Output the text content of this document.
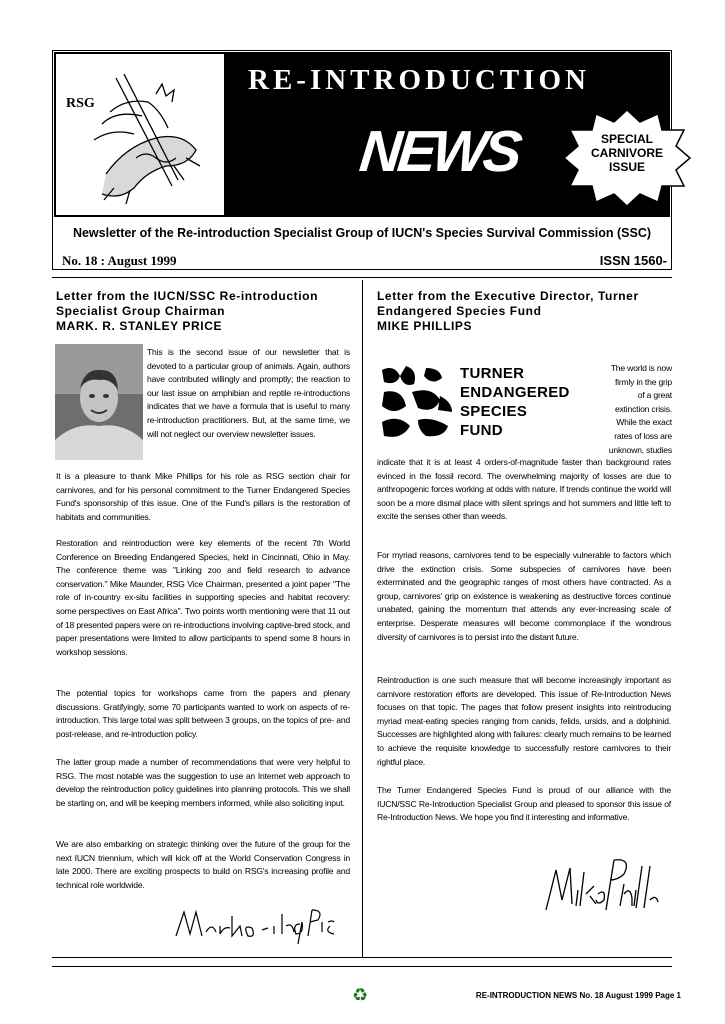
RSG
RE-INTRODUCTION
NEWS	SPECIAL
CARNIVORE
ISSUE
Newsletter of the Re-introduction Specialist Group of IUCN's Species Survival Commission (SSC)
No. 18 : August 1999	ISSN 1560-
Letter from the IUCN/SSC Re-introduction
Specialist Group Chairman
MARK. R. STANLEY PRICE
This is the second issue of our newsletter that is devoted to a particular group of animals. Again, authors have contributed willingly and promptly; the reaction to our last issue on amphibian and reptile re-introductions indicates that we have a formula that is useful to many re-introduction practitioners. But, at the same time, we will not neglect our overview newsletter issues.
It is a pleasure to thank Mike Phillips for his role as RSG section chair for carnivores, and for his personal commitment to the Turner Endangered Species Fund's sponsorship of this issue. One of the Fund's pillars is the restoration of habitats and communities.
Restoration and reintroduction were key elements of the recent 7th World Conference on Breeding Endangered Species, held in Cincinnati, Ohio in May. The conference theme was "Linking zoo and field research to advance conservation." Mike Maunder, RSG Vice Chairman, presented a joint paper "The role of in-country ex-situ facilities in supporting species and habitat recovery: some perspectives on East Africa". Two points worth mentioning were that 11 out of 18 presented papers were on re-introductions involving captive-bred stock, and paper presentations were limited to allow participants to spend some 8 hours in workshop sessions.
The potential topics for workshops came from the papers and plenary discussions. Gratifyingly, some 70 participants wanted to work on aspects of re-introduction. This large total was split between 3 groups, on the topics of pre- and post-release, and re-introduction policy.
The latter group made a number of recommendations that were very helpful to RSG. The most notable was the suggestion to use an Internet web approach to develop the reintroduction policy guidelines into planning protocols. This we shall be starting on, and will be keeping members informed, while also soliciting input.
We are also embarking on strategic thinking over the future of the group for the next IUCN triennium, which will kick off at the World Conservation Congress in late 2000. There are exciting prospects to build on RSG's increasing profile and technical role worldwide.
Letter from the Executive Director, Turner
Endangered Species Fund
MIKE PHILLIPS
TURNER
ENDANGERED
SPECIES
FUND
The world is now
firmly in the grip
of a great
extinction crisis.
While the exact
rates of loss are
unknown, studies
indicate that it is at least 4 orders-of-magnitude faster than background rates evinced in the fossil record. The overwhelming majority of losses are due to anthropogenic forces working at odds with nature. If trends continue the world will soon be a more dismal place with silent springs and hot summers and little left to excite the senses other than weeds.
For myriad reasons, carnivores tend to be especially vulnerable to factors which drive the extinction crisis. Some subspecies of carnivores have been exterminated and the geographic ranges of most others have contracted. As a group, carnivores' grip on existence is weakening as destructive forces continue unabated, gaining the momentum that attends any ever-increasing scale of enterprise. Desperate measures will become commonplace if the wondrous diversity of carnivores is to persist into the distant future.
Reintroduction is one such measure that will become increasingly important as carnivore restoration efforts are developed. This issue of Re-Introduction News focuses on that topic. The pages that follow present insights into reintroducing myriad meat-eating species ranging from canids, felids, ursids, and a dolphinid. Successes are highlighted along with failures: clearly much remains to be learned to achieve the requisite knowledge to successfully restore carnivores to their rightful place.
The Turner Endangered Species Fund is proud of our alliance with the IUCN/SSC Re-Introduction Specialist Group and pleased to sponsor this issue of Re-Introduction News. We hope you find it interesting and informative.
♻	RE-INTRODUCTION NEWS No. 18 August 1999 Page 1
